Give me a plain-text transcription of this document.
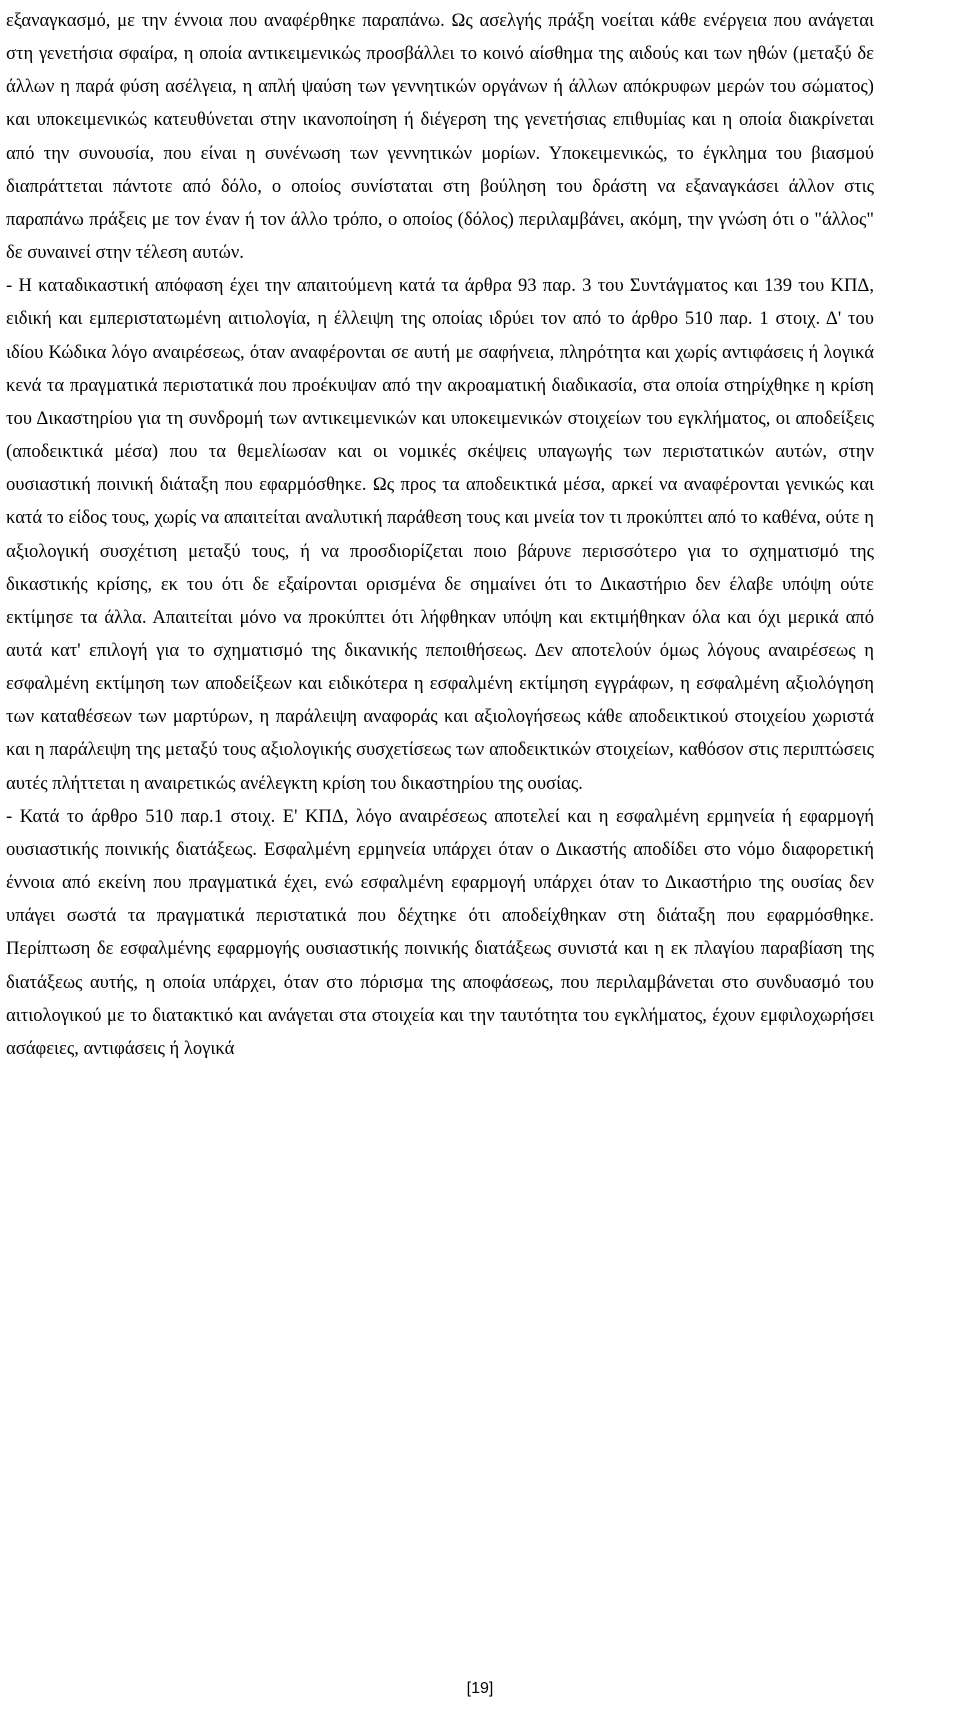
εξαναγκασμό, με την έννοια που αναφέρθηκε παραπάνω. Ως ασελγής πράξη νοείται κάθε ενέργεια που ανάγεται στη γενετήσια σφαίρα, η οποία αντικειμενικώς προσβάλλει το κοινό αίσθημα της αιδούς και των ηθών (μεταξύ δε άλλων η παρά φύση ασέλγεια, η απλή ψαύση των γεννητικών οργάνων ή άλλων απόκρυφων μερών του σώματος) και υποκειμενικώς κατευθύνεται στην ικανοποίηση ή διέγερση της γενετήσιας επιθυμίας και η οποία διακρίνεται από την συνουσία, που είναι η συνένωση των γεννητικών μορίων. Υποκειμενικώς, το έγκλημα του βιασμού διαπράττεται πάντοτε από δόλο, ο οποίος συνίσταται στη βούληση του δράστη να εξαναγκάσει άλλον στις παραπάνω πράξεις με τον έναν ή τον άλλο τρόπο, ο οποίος (δόλος) περιλαμβάνει, ακόμη, την γνώση ότι ο "άλλος" δε συναινεί στην τέλεση αυτών.

- Η καταδικαστική απόφαση έχει την απαιτούμενη κατά τα άρθρα 93 παρ. 3 του Συντάγματος και 139 του ΚΠΔ, ειδική και εμπεριστατωμένη αιτιολογία, η έλλειψη της οποίας ιδρύει τον από το άρθρο 510 παρ. 1 στοιχ. Δ' του ιδίου Κώδικα λόγο αναιρέσεως, όταν αναφέρονται σε αυτή με σαφήνεια, πληρότητα και χωρίς αντιφάσεις ή λογικά κενά τα πραγματικά περιστατικά που προέκυψαν από την ακροαματική διαδικασία, στα οποία στηρίχθηκε η κρίση του Δικαστηρίου για τη συνδρομή των αντικειμενικών και υποκειμενικών στοιχείων του εγκλήματος, οι αποδείξεις (αποδεικτικά μέσα) που τα θεμελίωσαν και οι νομικές σκέψεις υπαγωγής των περιστατικών αυτών, στην ουσιαστική ποινική διάταξη που εφαρμόσθηκε. Ως προς τα αποδεικτικά μέσα, αρκεί να αναφέρονται γενικώς και κατά το είδος τους, χωρίς να απαιτείται αναλυτική παράθεση τους και μνεία τον τι προκύπτει από το καθένα, ούτε η αξιολογική συσχέτιση μεταξύ τους, ή να προσδιορίζεται ποιο βάρυνε περισσότερο για το σχηματισμό της δικαστικής κρίσης, εκ του ότι δε εξαίρονται ορισμένα δε σημαίνει ότι το Δικαστήριο δεν έλαβε υπόψη ούτε εκτίμησε τα άλλα. Απαιτείται μόνο να προκύπτει ότι λήφθηκαν υπόψη και εκτιμήθηκαν όλα και όχι μερικά από αυτά κατ' επιλογή για το σχηματισμό της δικανικής πεποιθήσεως. Δεν αποτελούν όμως λόγους αναιρέσεως η εσφαλμένη εκτίμηση των αποδείξεων και ειδικότερα η εσφαλμένη εκτίμηση εγγράφων, η εσφαλμένη αξιολόγηση των καταθέσεων των μαρτύρων, η παράλειψη αναφοράς και αξιολογήσεως κάθε αποδεικτικού στοιχείου χωριστά και η παράλειψη της μεταξύ τους αξιολογικής συσχετίσεως των αποδεικτικών στοιχείων, καθόσον στις περιπτώσεις αυτές πλήττεται η αναιρετικώς ανέλεγκτη κρίση του δικαστηρίου της ουσίας.

- Κατά το άρθρο 510 παρ.1 στοιχ. Ε' ΚΠΔ, λόγο αναιρέσεως αποτελεί και η εσφαλμένη ερμηνεία ή εφαρμογή ουσιαστικής ποινικής διατάξεως. Εσφαλμένη ερμηνεία υπάρχει όταν ο Δικαστής αποδίδει στο νόμο διαφορετική έννοια από εκείνη που πραγματικά έχει, ενώ εσφαλμένη εφαρμογή υπάρχει όταν το Δικαστήριο της ουσίας δεν υπάγει σωστά τα πραγματικά περιστατικά που δέχτηκε ότι αποδείχθηκαν στη διάταξη που εφαρμόσθηκε. Περίπτωση δε εσφαλμένης εφαρμογής ουσιαστικής ποινικής διατάξεως συνιστά και η εκ πλαγίου παραβίαση της διατάξεως αυτής, η οποία υπάρχει, όταν στο πόρισμα της αποφάσεως, που περιλαμβάνεται στο συνδυασμό του αιτιολογικού με το διατακτικό και ανάγεται στα στοιχεία και την ταυτότητα του εγκλήματος, έχουν εμφιλοχωρήσει ασάφειες, αντιφάσεις ή λογικά

[19]
